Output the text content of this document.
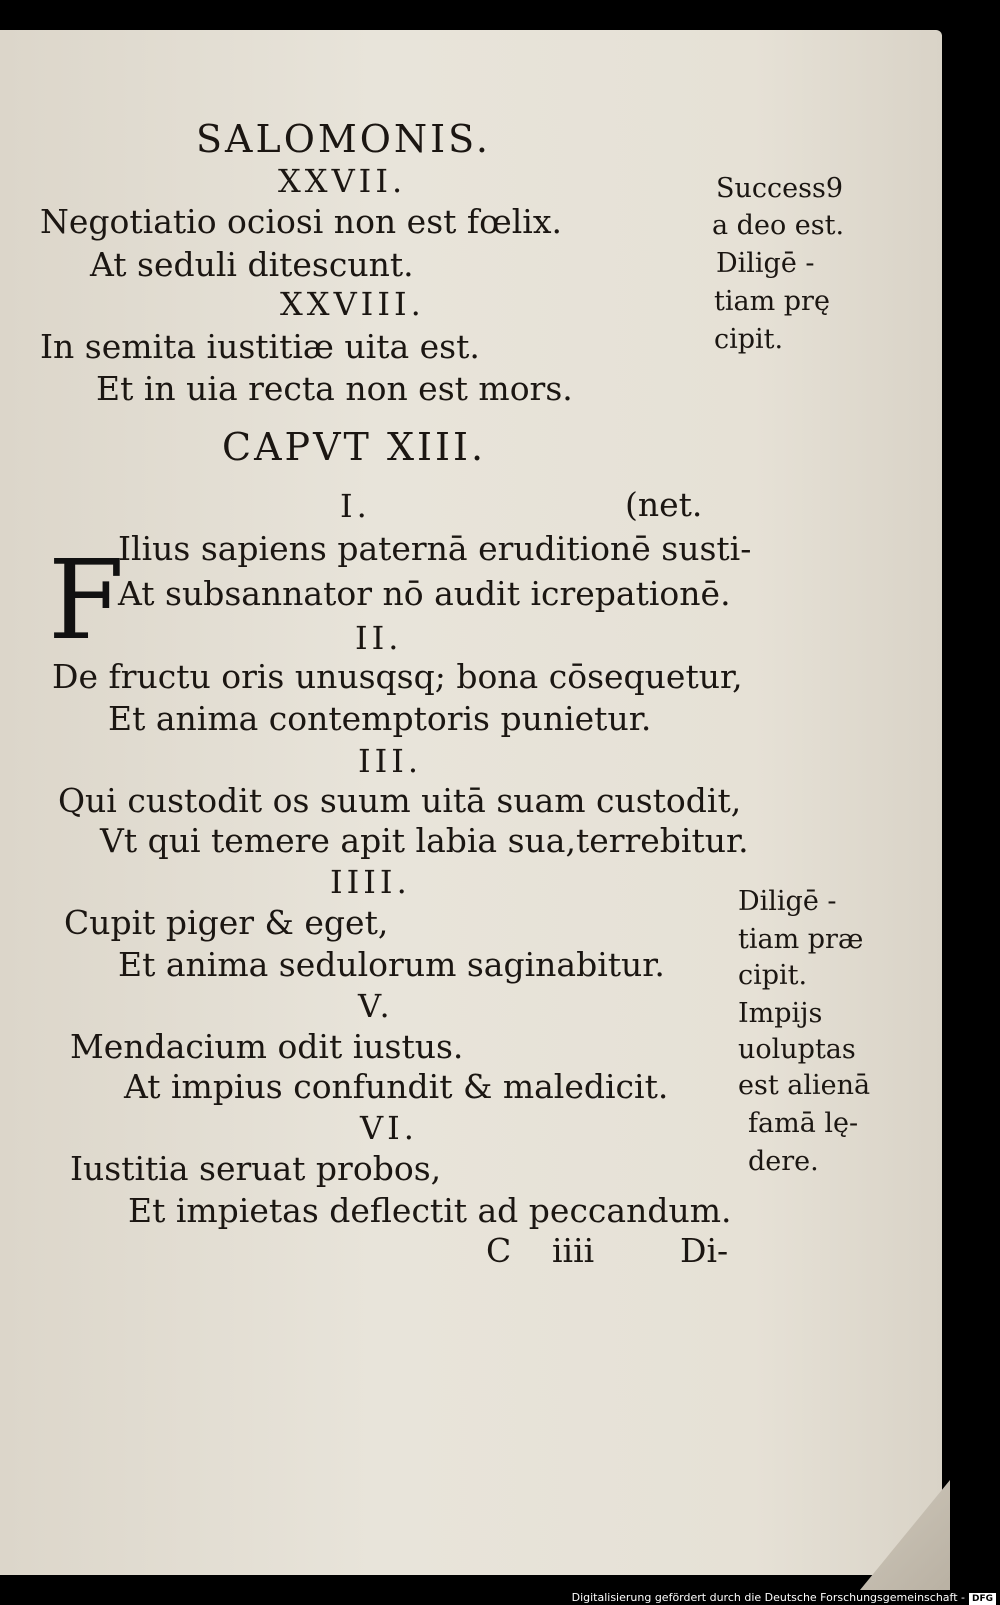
SALOMONIS.
XXVII.
Negotiatio ociosi non est fœlix.
At seduli ditescunt.
XXVIII.
In semita iustitiæ uita est.
Et in uia recta non est mors.
CAPVT XIII.
I.	(net.
F
Ilius sapiens paternā eruditionē susti-
At subsannator nō audit icrepationē.
II.
De fructu oris unusqsq; bona cōsequetur,
Et anima contemptoris punietur.
III.
Qui custodit os suum uitā suam custodit,
Vt qui temere apit labia sua,terrebitur.
IIII.
Cupit piger & eget,
Et anima sedulorum saginabitur.
V.
Mendacium odit iustus.
At impius confundit & maledicit.
VI.
Iustitia seruat probos,
Et impietas deflectit ad peccandum.
C iiii	Di-
Success9
a deo est.
Diligē -
tiam prę
cipit.
Diligē -
tiam præ
cipit.
Impijs
uoluptas
est alienā
famā lę-
dere.
Digitalisierung gefördert durch die Deutsche Forschungsgemeinschaft - DFG
